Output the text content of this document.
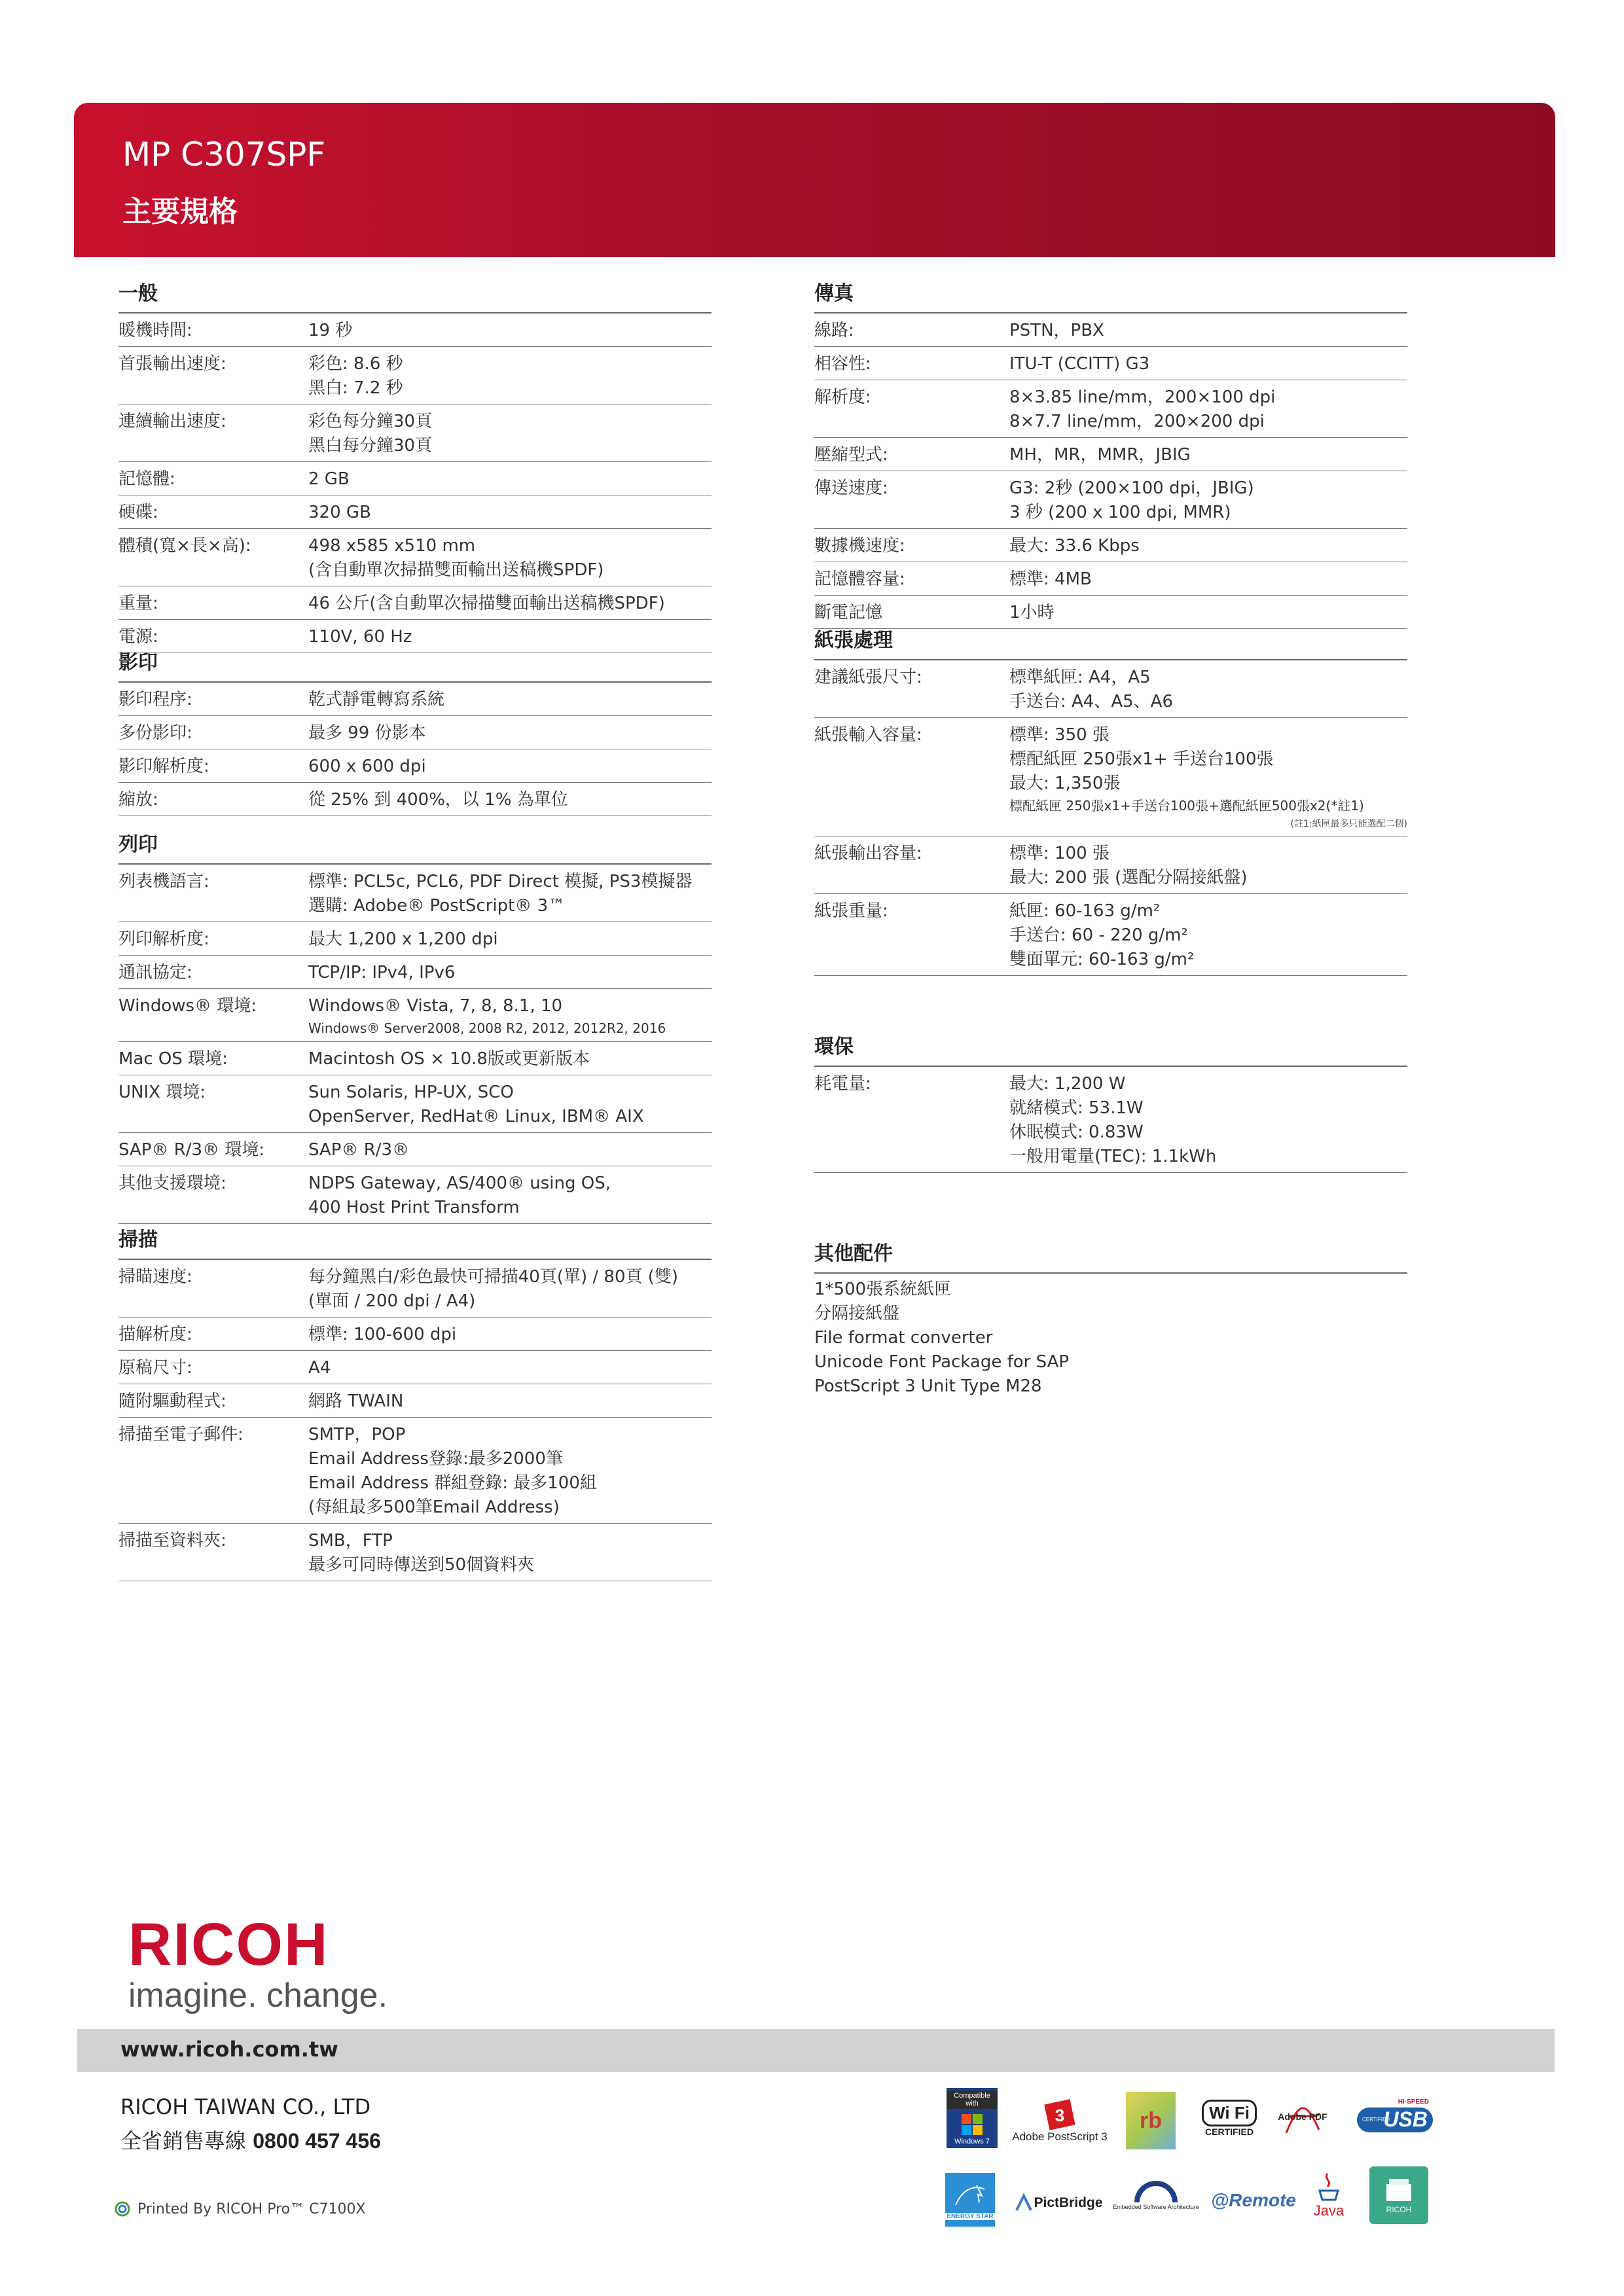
MP C307SPF
主要規格
一般
暖機時間:	19 秒
首張輸出速度:	彩色: 8.6 秒
黑白: 7.2 秒
連續輸出速度:	彩色每分鐘30頁
黑白每分鐘30頁
記憶體:	2 GB
硬碟:	320 GB
體積(寬×長×高):	498 x585 x510 mm
(含自動單次掃描雙面輸出送稿機SPDF)
重量:	46 公斤(含自動單次掃描雙面輸出送稿機SPDF)
電源:	110V, 60 Hz
影印
影印程序:	乾式靜電轉寫系統
多份影印:	最多 99 份影本
影印解析度:	600 x 600 dpi
縮放:	從 25% 到 400%，以 1% 為單位
列印
列表機語言:	標準: PCL5c, PCL6, PDF Direct 模擬, PS3模擬器
選購: Adobe® PostScript® 3™
列印解析度:	最大 1,200 x 1,200 dpi
通訊協定:	TCP/IP: IPv4, IPv6
Windows® 環境:	Windows® Vista, 7, 8, 8.1, 10
Windows® Server2008, 2008 R2, 2012, 2012R2, 2016
Mac OS 環境:	Macintosh OS × 10.8版或更新版本
UNIX 環境:	Sun Solaris, HP-UX, SCO
OpenServer, RedHat® Linux, IBM® AIX
SAP® R/3® 環境:	SAP® R/3®
其他支援環境:	NDPS Gateway, AS/400® using OS,
400 Host Print Transform
掃描
掃瞄速度:	每分鐘黑白/彩色最快可掃描40頁(單) / 80頁 (雙)
(單面 / 200 dpi / A4)
描解析度:	標準: 100-600 dpi
原稿尺寸:	A4
隨附驅動程式:	網路 TWAIN
掃描至電子郵件:	SMTP，POP
Email Address登錄:最多2000筆
Email Address 群組登錄: 最多100組
(每組最多500筆Email Address)
掃描至資料夾:	SMB，FTP
最多可同時傳送到50個資料夾
傳真
線路:	PSTN，PBX
相容性:	ITU-T (CCITT) G3
解析度:	8×3.85 line/mm，200×100 dpi
8×7.7 line/mm，200×200 dpi
壓縮型式:	MH，MR，MMR，JBIG
傳送速度:	G3: 2秒 (200×100 dpi，JBIG)
3 秒 (200 x 100 dpi, MMR)
數據機速度:	最大: 33.6 Kbps
記憶體容量:	標準: 4MB
斷電記憶	1小時
紙張處理
建議紙張尺寸:	標準紙匣: A4，A5
手送台: A4、A5、A6
紙張輸入容量:	標準: 350 張
標配紙匣 250張x1+ 手送台100張
最大: 1,350張
標配紙匣 250張x1+手送台100張+選配紙匣500張x2(*註1)
(註1:紙匣最多只能選配二個)
紙張輸出容量:	標準: 100 張
最大: 200 張 (選配分隔接紙盤)
紙張重量:	紙匣: 60-163 g/m²
手送台: 60 - 220 g/m²
雙面單元: 60-163 g/m²
環保
耗電量:	最大: 1,200 W
就緒模式: 53.1W
休眠模式: 0.83W
一般用電量(TEC): 1.1kWh
其他配件
1*500張系統紙匣
分隔接紙盤
File format converter
Unicode Font Package for SAP
PostScript 3 Unit Type M28
RICOH
imagine. change.
www.ricoh.com.tw
RICOH TAIWAN CO., LTD
全省銷售專線 0800 457 456
Printed By RICOH Pro™ C7100X
Compatible with
Windows 7
3
Adobe PostScript 3
rb	Wi Fi
CERTIFIED
Adobe PDF
HI-SPEED
CERTIFIED
USB
ENERGY STAR
PictBridge Embedded Software Architecture @Remote
Java	RICOH
